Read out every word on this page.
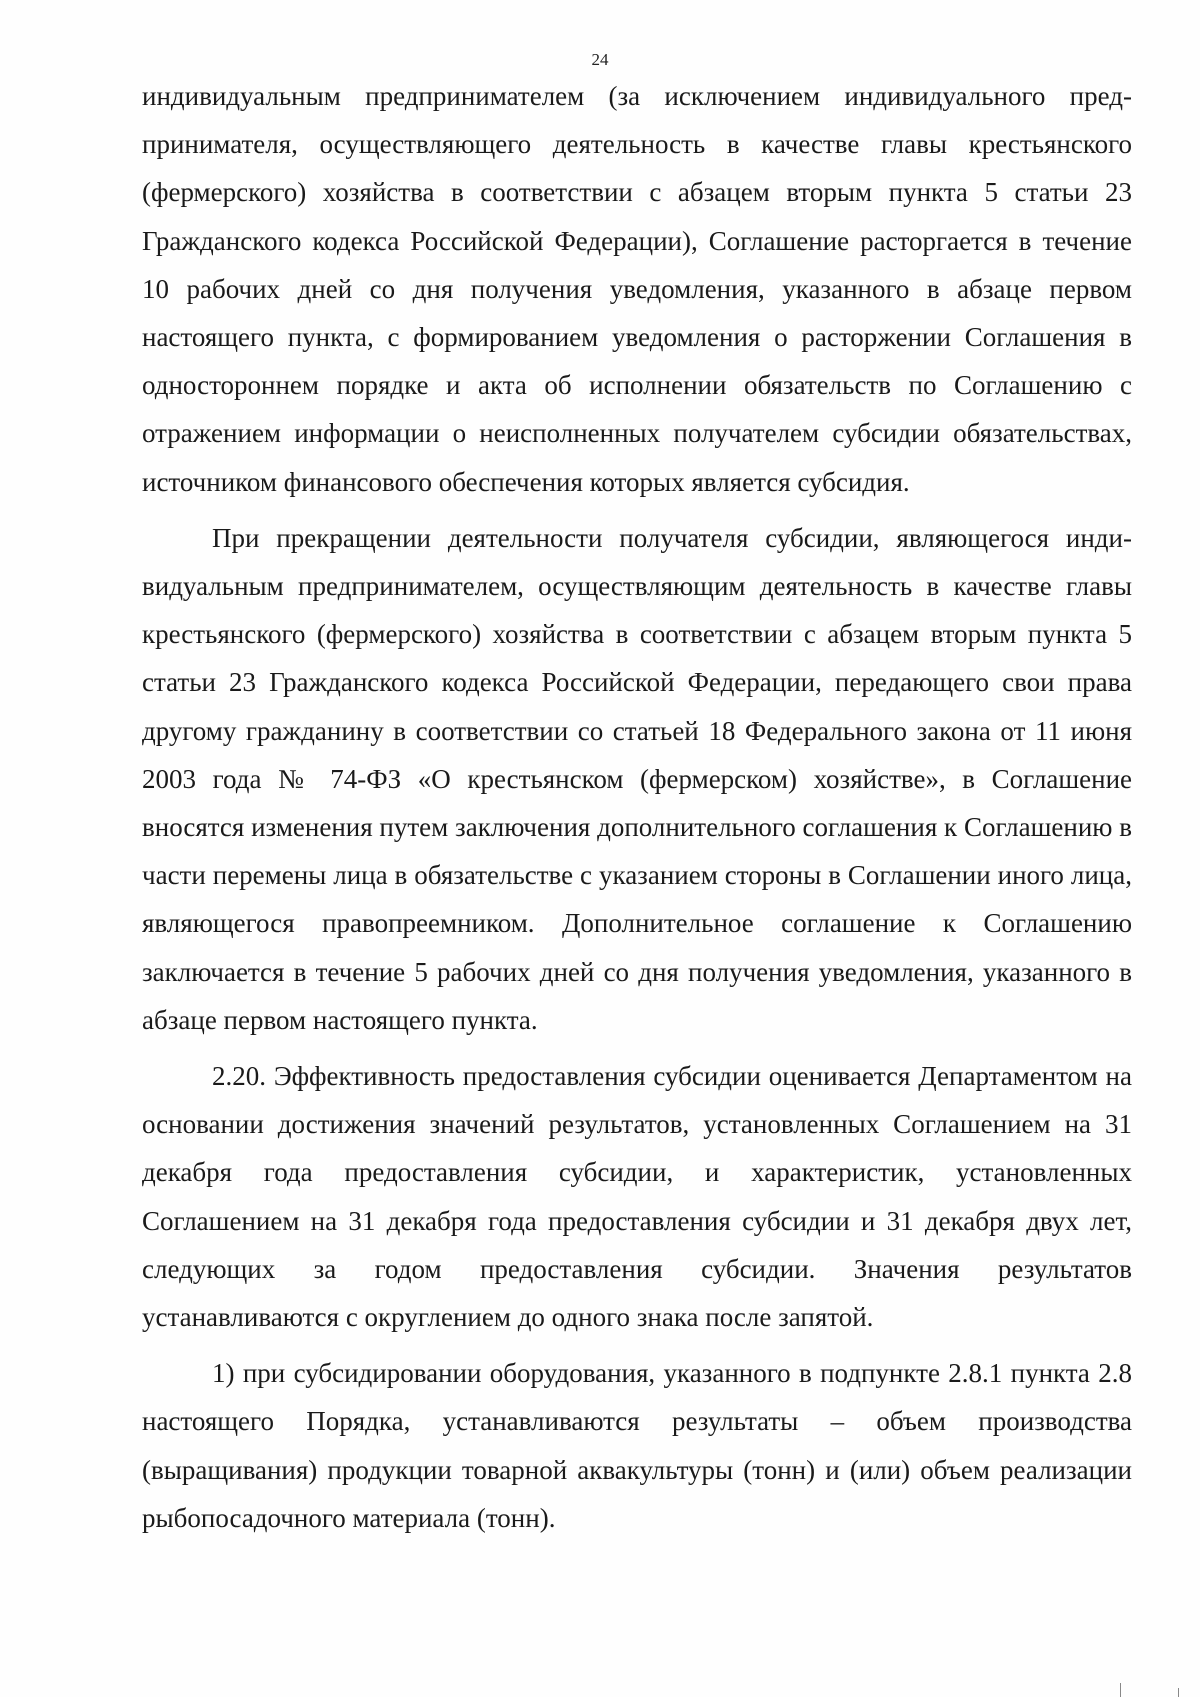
24

индивидуальным предпринимателем (за исключением индивидуального предпринимателя, осуществляющего деятельность в качестве главы крестьянского (фермерского) хозяйства в соответствии с абзацем вторым пункта 5 статьи 23 Гражданского кодекса Российской Федерации), Соглашение расторгается в течение 10 рабочих дней со дня получения уведомления, указанного в абзаце первом настоящего пункта, с формированием уведомления о расторжении Соглашения в одностороннем порядке и акта об исполнении обязательств по Соглашению с отражением информации о неисполненных получателем субсидии обязательствах, источником финансового обеспечения которых является субсидия.

При прекращении деятельности получателя субсидии, являющегося индивидуальным предпринимателем, осуществляющим деятельность в качестве главы крестьянского (фермерского) хозяйства в соответствии с абзацем вторым пункта 5 статьи 23 Гражданского кодекса Российской Федерации, передающего свои права другому гражданину в соответствии со статьей 18 Федерального закона от 11 июня 2003 года № 74-ФЗ «О крестьянском (фермерском) хозяйстве», в Соглашение вносятся изменения путем заключения дополнительного соглашения к Соглашению в части перемены лица в обязательстве с указанием стороны в Соглашении иного лица, являющегося правопреемником. Дополнительное соглашение к Соглашению заключается в течение 5 рабочих дней со дня получения уведомления, указанного в абзаце первом настоящего пункта.

2.20. Эффективность предоставления субсидии оценивается Департаментом на основании достижения значений результатов, установленных Соглашением на 31 декабря года предоставления субсидии, и характеристик, установленных Соглашением на 31 декабря года предоставления субсидии и 31 декабря двух лет, следующих за годом предоставления субсидии. Значения результатов устанавливаются с округлением до одного знака после запятой.

1) при субсидировании оборудования, указанного в подпункте 2.8.1 пункта 2.8 настоящего Порядка, устанавливаются результаты – объем производства (выращивания) продукции товарной аквакультуры (тонн) и (или) объем реализации рыбопосадочного материала (тонн).
